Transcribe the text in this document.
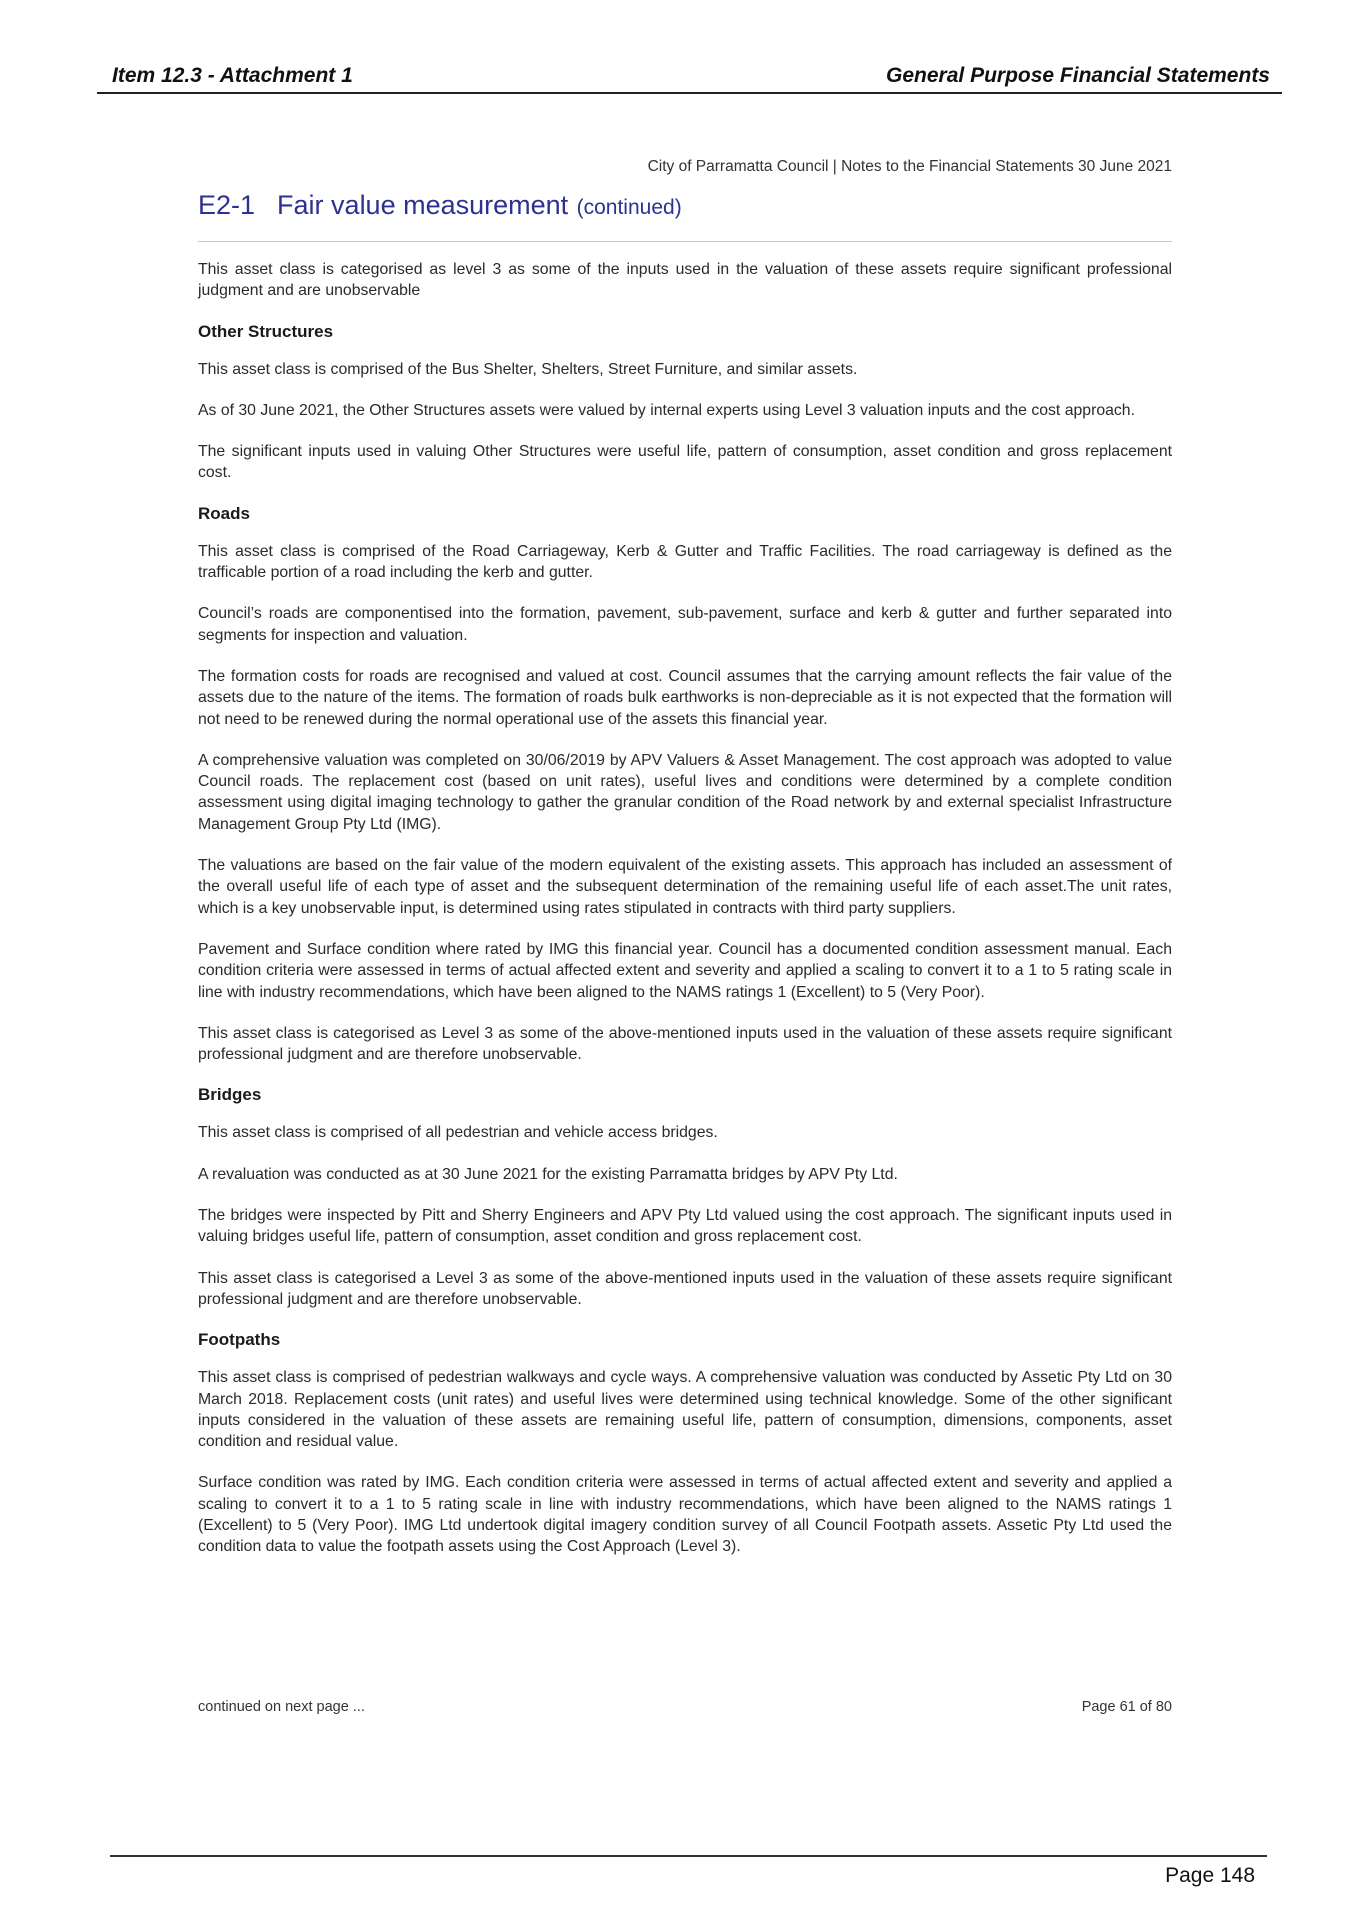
Item 12.3 - Attachment 1	General Purpose Financial Statements
City of Parramatta Council | Notes to the Financial Statements 30 June 2021
E2-1 Fair value measurement (continued)

This asset class is categorised as level 3 as some of the inputs used in the valuation of these assets require significant professional judgment and are unobservable

Other Structures

This asset class is comprised of the Bus Shelter, Shelters, Street Furniture, and similar assets.

As of 30 June 2021, the Other Structures assets were valued by internal experts using Level 3 valuation inputs and the cost approach.

The significant inputs used in valuing Other Structures were useful life, pattern of consumption, asset condition and gross replacement cost.

Roads

This asset class is comprised of the Road Carriageway, Kerb & Gutter and Traffic Facilities. The road carriageway is defined as the trafficable portion of a road including the kerb and gutter.

Council’s roads are componentised into the formation, pavement, sub-pavement, surface and kerb & gutter and further separated into segments for inspection and valuation.

The formation costs for roads are recognised and valued at cost. Council assumes that the carrying amount reflects the fair value of the assets due to the nature of the items. The formation of roads bulk earthworks is non-depreciable as it is not expected that the formation will not need to be renewed during the normal operational use of the assets this financial year.

A comprehensive valuation was completed on 30/06/2019 by APV Valuers & Asset Management. The cost approach was adopted to value Council roads. The replacement cost (based on unit rates), useful lives and conditions were determined by a complete condition assessment using digital imaging technology to gather the granular condition of the Road network by and external specialist Infrastructure Management Group Pty Ltd (IMG).

The valuations are based on the fair value of the modern equivalent of the existing assets. This approach has included an assessment of the overall useful life of each type of asset and the subsequent determination of the remaining useful life of each asset.The unit rates, which is a key unobservable input, is determined using rates stipulated in contracts with third party suppliers.

Pavement and Surface condition where rated by IMG this financial year. Council has a documented condition assessment manual. Each condition criteria were assessed in terms of actual affected extent and severity and applied a scaling to convert it to a 1 to 5 rating scale in line with industry recommendations, which have been aligned to the NAMS ratings 1 (Excellent) to 5 (Very Poor).

This asset class is categorised as Level 3 as some of the above-mentioned inputs used in the valuation of these assets require significant professional judgment and are therefore unobservable.

Bridges

This asset class is comprised of all pedestrian and vehicle access bridges.

A revaluation was conducted as at 30 June 2021 for the existing Parramatta bridges by APV Pty Ltd.

The bridges were inspected by Pitt and Sherry Engineers and APV Pty Ltd valued using the cost approach. The significant inputs used in valuing bridges useful life, pattern of consumption, asset condition and gross replacement cost.

This asset class is categorised a Level 3 as some of the above-mentioned inputs used in the valuation of these assets require significant professional judgment and are therefore unobservable.

Footpaths

This asset class is comprised of pedestrian walkways and cycle ways. A comprehensive valuation was conducted by Assetic Pty Ltd on 30 March 2018. Replacement costs (unit rates) and useful lives were determined using technical knowledge. Some of the other significant inputs considered in the valuation of these assets are remaining useful life, pattern of consumption, dimensions, components, asset condition and residual value.

Surface condition was rated by IMG. Each condition criteria were assessed in terms of actual affected extent and severity and applied a scaling to convert it to a 1 to 5 rating scale in line with industry recommendations, which have been aligned to the NAMS ratings 1 (Excellent) to 5 (Very Poor). IMG Ltd undertook digital imagery condition survey of all Council Footpath assets. Assetic Pty Ltd used the condition data to value the footpath assets using the Cost Approach (Level 3).

continued on next page ...	Page 61 of 80
Page 148
